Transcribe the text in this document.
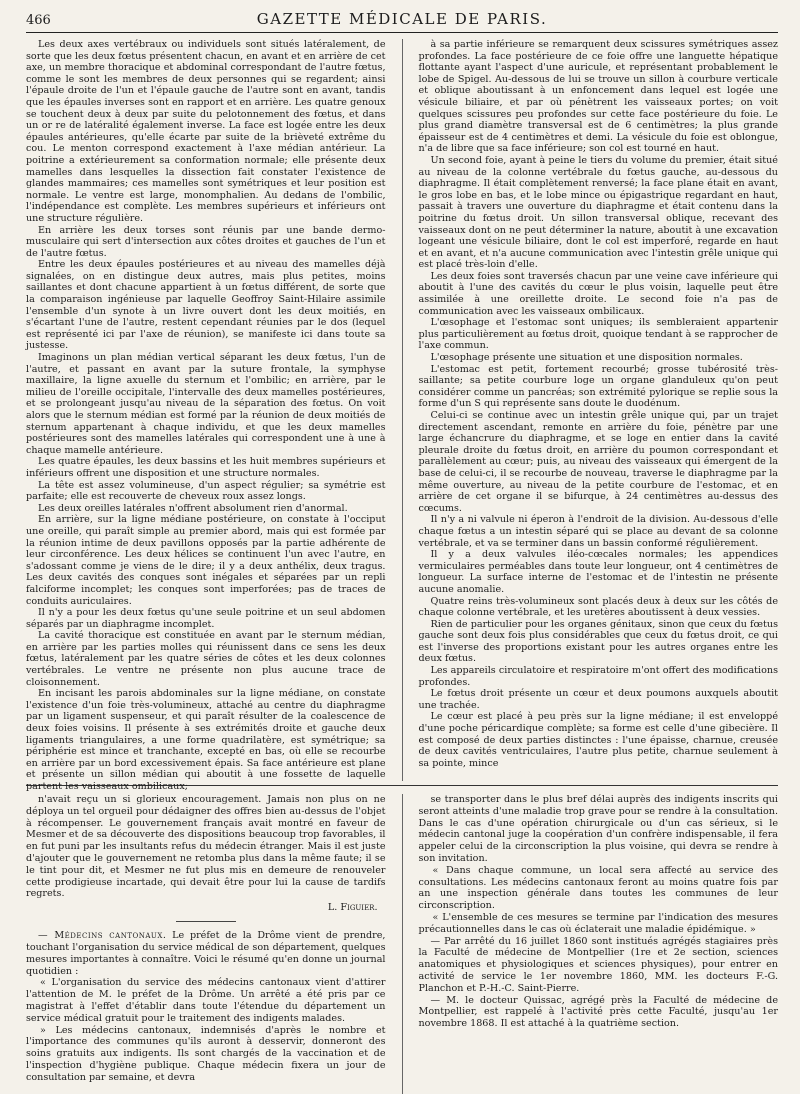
466	GAZETTE MÉDICALE DE PARIS.

Les deux axes vertébraux ou individuels sont situés latéralement, de sorte que les deux fœtus présentent chacun, en avant et en arrière de cet axe, un membre thoracique et abdominal correspondant de l'autre fœtus, comme le sont les membres de deux personnes qui se regardent; ainsi l'épaule droite de l'un et l'épaule gauche de l'autre sont en avant, tandis que les épaules inverses sont en rapport et en arrière. Les quatre genoux se touchent deux à deux par suite du pelotonnement des fœtus, et dans un or re de latéralité également inverse. La face est logée entre les deux épaules antérieures, qu'elle écarte par suite de la brièveté extrême du cou. Le menton correspond exactement à l'axe médian antérieur. La poitrine a extérieurement sa conformation normale; elle présente deux mamelles dans lesquelles la dissection fait constater l'existence de glandes mammaires; ces mamelles sont symétriques et leur position est normale. Le ventre est large, monomphalien. Au dedans de l'ombilic, l'indépendance est complète. Les membres supérieurs et inférieurs ont une structure régulière.

En arrière les deux torses sont réunis par une bande dermo-musculaire qui sert d'intersection aux côtes droites et gauches de l'un et de l'autre fœtus.

Entre les deux épaules postérieures et au niveau des mamelles déjà signalées, on en distingue deux autres, mais plus petites, moins saillantes et dont chacune appartient à un fœtus différent, de sorte que la comparaison ingénieuse par laquelle Geoffroy Saint-Hilaire assimile l'ensemble d'un synote à un livre ouvert dont les deux moitiés, en s'écartant l'une de l'autre, restent cependant réunies par le dos (lequel est représenté ici par l'axe de réunion), se manifeste ici dans toute sa justesse.

Imaginons un plan médian vertical séparant les deux fœtus, l'un de l'autre, et passant en avant par la suture frontale, la symphyse maxillaire, la ligne axuelle du sternum et l'ombilic; en arrière, par le milieu de l'oreille occipitale, l'intervalle des deux mamelles postérieures, et se prolongeant jusqu'au niveau de la séparation des fœtus. On voit alors que le sternum médian est formé par la réunion de deux moitiés de sternum appartenant à chaque individu, et que les deux mamelles postérieures sont des mamelles latérales qui correspondent une à une à chaque mamelle antérieure.

Les quatre épaules, les deux bassins et les huit membres supérieurs et inférieurs offrent une disposition et une structure normales.

La tête est assez volumineuse, d'un aspect régulier; sa symétrie est parfaite; elle est recouverte de cheveux roux assez longs.

Les deux oreilles latérales n'offrent absolument rien d'anormal.

En arrière, sur la ligne médiane postérieure, on constate à l'occiput une oreille, qui paraît simple au premier abord, mais qui est formée par la réunion intime de deux pavillons opposés par la partie adhérente de leur circonférence. Les deux hélices se continuent l'un avec l'autre, en s'adossant comme je viens de le dire; il y a deux anthélix, deux tragus. Les deux cavités des conques sont inégales et séparées par un repli falciforme incomplet; les conques sont imperforées; pas de traces de conduits auriculaires.

Il n'y a pour les deux fœtus qu'une seule poitrine et un seul abdomen séparés par un diaphragme incomplet.

La cavité thoracique est constituée en avant par le sternum médian, en arrière par les parties molles qui réunissent dans ce sens les deux fœtus, latéralement par les quatre séries de côtes et les deux colonnes vertébrales. Le ventre ne présente non plus aucune trace de cloisonnement.

En incisant les parois abdominales sur la ligne médiane, on constate l'existence d'un foie très-volumineux, attaché au centre du diaphragme par un ligament suspenseur, et qui paraît résulter de la coalescence de deux foies voisins. Il présente à ses extrémités droite et gauche deux ligaments triangulaires, a une forme quadrilatère, est symétrique; sa périphérie est mince et tranchante, excepté en bas, où elle se recourbe en arrière par un bord excessivement épais. Sa face antérieure est plane et présente un sillon médian qui aboutit à une fossette de laquelle partent les vaisseaux ombilicaux;

à sa partie inférieure se remarquent deux scissures symétriques assez profondes. La face postérieure de ce foie offre une languette hépatique flottante ayant l'aspect d'une auricule, et représentant probablement le lobe de Spigel. Au-dessous de lui se trouve un sillon à courbure verticale et oblique aboutissant à un enfoncement dans lequel est logée une vésicule biliaire, et par où pénètrent les vaisseaux portes; on voit quelques scissures peu profondes sur cette face postérieure du foie. Le plus grand diamètre transversal est de 6 centimètres; la plus grande épaisseur est de 4 centimètres et demi. La vésicule du foie est oblongue, n'a de libre que sa face inférieure; son col est tourné en haut.

Un second foie, ayant à peine le tiers du volume du premier, était situé au niveau de la colonne vertébrale du fœtus gauche, au-dessous du diaphragme. Il était complètement renversé; la face plane était en avant, le gros lobe en bas, et le lobe mince ou épigastrique regardant en haut, passait à travers une ouverture du diaphragme et était contenu dans la poitrine du fœtus droit. Un sillon transversal oblique, recevant des vaisseaux dont on ne peut déterminer la nature, aboutit à une excavation logeant une vésicule biliaire, dont le col est imperforé, regarde en haut et en avant, et n'a aucune communication avec l'intestin grêle unique qui est placé très-loin d'elle.

Les deux foies sont traversés chacun par une veine cave inférieure qui aboutit à l'une des cavités du cœur le plus voisin, laquelle peut être assimilée à une oreillette droite. Le second foie n'a pas de communication avec les vaisseaux ombilicaux.

L'œsophage et l'estomac sont uniques; ils sembleraient appartenir plus particulièrement au fœtus droit, quoique tendant à se rapprocher de l'axe commun.

L'œsophage présente une situation et une disposition normales.

L'estomac est petit, fortement recourbé; grosse tubérosité très-saillante; sa petite courbure loge un organe glanduleux qu'on peut considérer comme un pancréas; son extrémité pylorique se replie sous la forme d'un S qui représente sans doute le duodénum.

Celui-ci se continue avec un intestin grêle unique qui, par un trajet directement ascendant, remonte en arrière du foie, pénètre par une large échancrure du diaphragme, et se loge en entier dans la cavité pleurale droite du fœtus droit, en arrière du poumon correspondant et parallèlement au cœur; puis, au niveau des vaisseaux qui émergent de la base de celui-ci, il se recourbe de nouveau, traverse le diaphragme par la même ouverture, au niveau de la petite courbure de l'estomac, et en arrière de cet organe il se bifurque, à 24 centimètres au-dessus des cœcums.

Il n'y a ni valvule ni éperon à l'endroit de la division. Au-dessous d'elle chaque fœtus a un intestin séparé qui se place au devant de sa colonne vertébrale, et va se terminer dans un bassin conformé régulièrement.

Il y a deux valvules iléo-cœcales normales; les appendices vermiculaires perméables dans toute leur longueur, ont 4 centimètres de longueur. La surface interne de l'estomac et de l'intestin ne présente aucune anomalie.

Quatre reins très-volumineux sont placés deux à deux sur les côtés de chaque colonne vertébrale, et les uretères aboutissent à deux vessies.

Rien de particulier pour les organes génitaux, sinon que ceux du fœtus gauche sont deux fois plus considérables que ceux du fœtus droit, ce qui est l'inverse des proportions existant pour les autres organes entre les deux fœtus.

Les appareils circulatoire et respiratoire m'ont offert des modifications profondes.

Le fœtus droit présente un cœur et deux poumons auxquels aboutit une trachée.

Le cœur est placé à peu près sur la ligne médiane; il est enveloppé d'une poche péricardique complète; sa forme est celle d'une gibecière. Il est composé de deux parties distinctes : l'une épaisse, charnue, creusée de deux cavités ventriculaires, l'autre plus petite, charnue seulement à sa pointe, mince

n'avait reçu un si glorieux encouragement. Jamais non plus on ne déploya un tel orgueil pour dédaigner des offres bien au-dessus de l'objet à récompenser. Le gouvernement français avait montré en faveur de Mesmer et de sa découverte des dispositions beaucoup trop favorables, il en fut puni par les insultants refus du médecin étranger. Mais il est juste d'ajouter que le gouvernement ne retomba plus dans la même faute; il se le tint pour dit, et Mesmer ne fut plus mis en demeure de renouveler cette prodigieuse incartade, qui devait être pour lui la cause de tardifs regrets.

L. Figuier.

— Médecins cantonaux. Le préfet de la Drôme vient de prendre, touchant l'organisation du service médical de son département, quelques mesures importantes à connaître. Voici le résumé qu'en donne un journal quotidien :

« L'organisation du service des médecins cantonaux vient d'attirer l'attention de M. le préfet de la Drôme. Un arrêté a été pris par ce magistrat à l'effet d'établir dans toute l'étendue du département un service médical gratuit pour le traitement des indigents malades.

» Les médecins cantonaux, indemnisés d'après le nombre et l'importance des communes qu'ils auront à desservir, donneront des soins gratuits aux indigents. Ils sont chargés de la vaccination et de l'inspection d'hygiène publique. Chaque médecin fixera un jour de consultation par semaine, et devra

se transporter dans le plus bref délai auprès des indigents inscrits qui seront atteints d'une maladie trop grave pour se rendre à la consultation. Dans le cas d'une opération chirurgicale ou d'un cas sérieux, si le médecin cantonal juge la coopération d'un confrère indispensable, il fera appeler celui de la circonscription la plus voisine, qui devra se rendre à son invitation.

« Dans chaque commune, un local sera affecté au service des consultations. Les médecins cantonaux feront au moins quatre fois par an une inspection générale dans toutes les communes de leur circonscription.

« L'ensemble de ces mesures se termine par l'indication des mesures précautionnelles dans le cas où éclaterait une maladie épidémique. »

— Par arrêté du 16 juillet 1860 sont institués agrégés stagiaires près la Faculté de médecine de Montpellier (1re et 2e section, sciences anatomiques et physiologiques et sciences physiques), pour entrer en activité de service le 1er novembre 1860, MM. les docteurs F.-G. Planchon et P.-H.-C. Saint-Pierre.

— M. le docteur Quissac, agrégé près la Faculté de médecine de Montpellier, est rappelé à l'activité près cette Faculté, jusqu'au 1er novembre 1868. Il est attaché à la quatrième section.
